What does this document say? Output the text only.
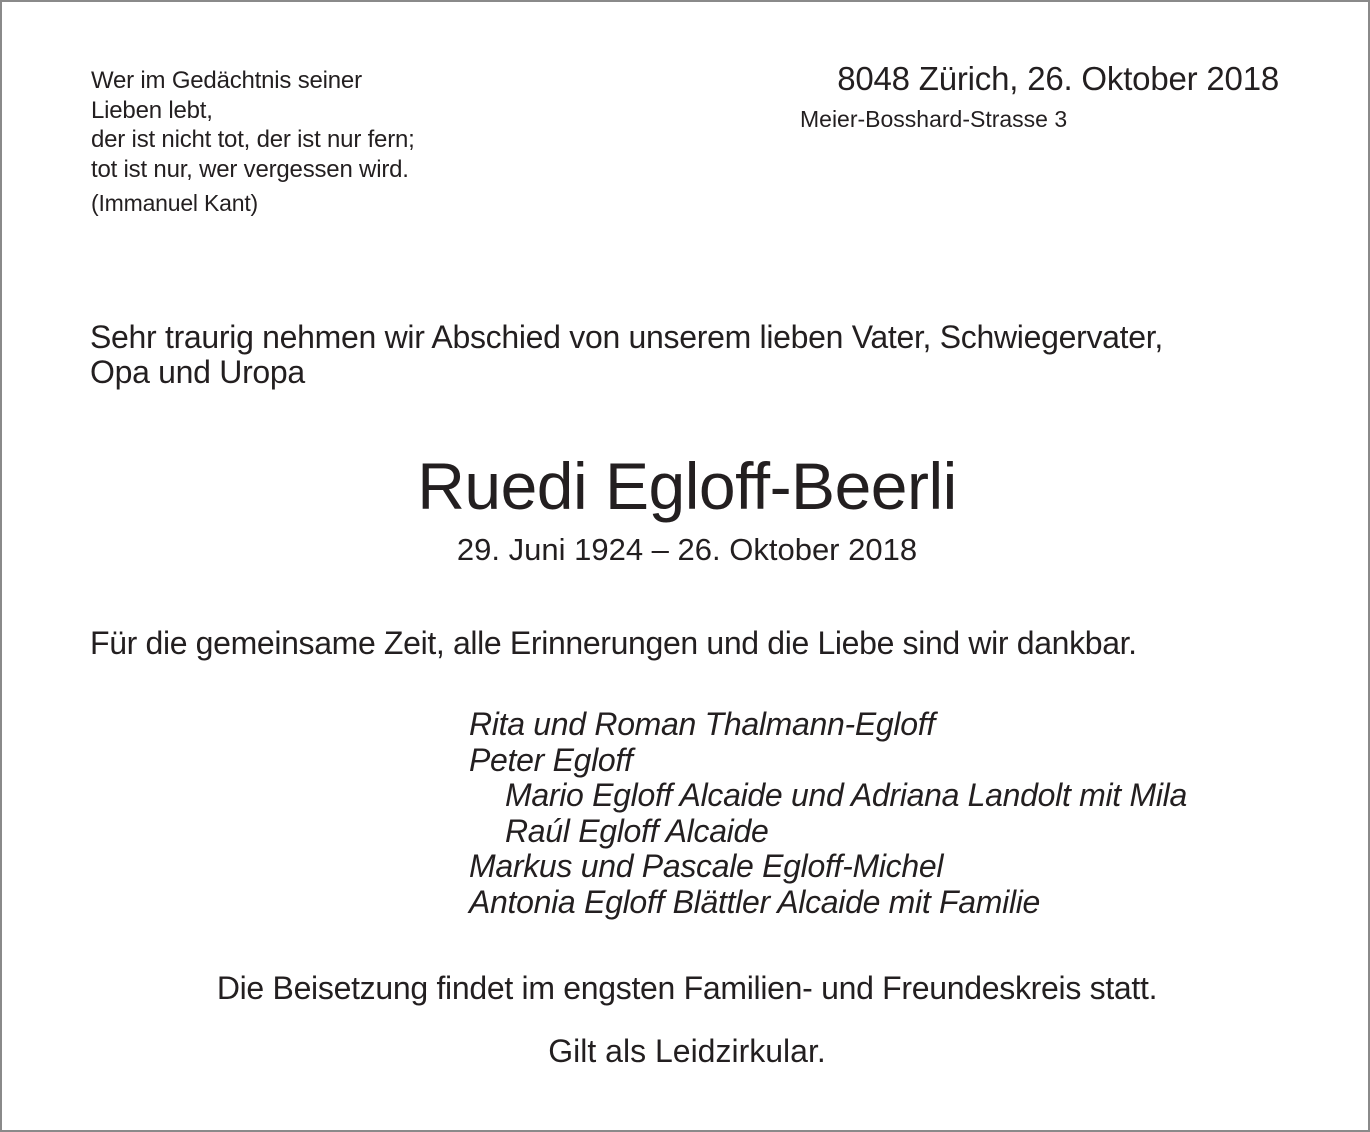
Wer im Gedächtnis seiner
Lieben lebt,
der ist nicht tot, der ist nur fern;
tot ist nur, wer vergessen wird.
(Immanuel Kant)
8048 Zürich, 26. Oktober 2018
Meier-Bosshard-Strasse 3
Sehr traurig nehmen wir Abschied von unserem lieben Vater, Schwiegervater,
Opa und Uropa
Ruedi Egloff-Beerli
29. Juni 1924 – 26. Oktober 2018
Für die gemeinsame Zeit, alle Erinnerungen und die Liebe sind wir dankbar.
Rita und Roman Thalmann-Egloff
Peter Egloff
Mario Egloff Alcaide und Adriana Landolt mit Mila
Raúl Egloff Alcaide
Markus und Pascale Egloff-Michel
Antonia Egloff Blättler Alcaide mit Familie
Die Beisetzung findet im engsten Familien- und Freundeskreis statt.
Gilt als Leidzirkular.
